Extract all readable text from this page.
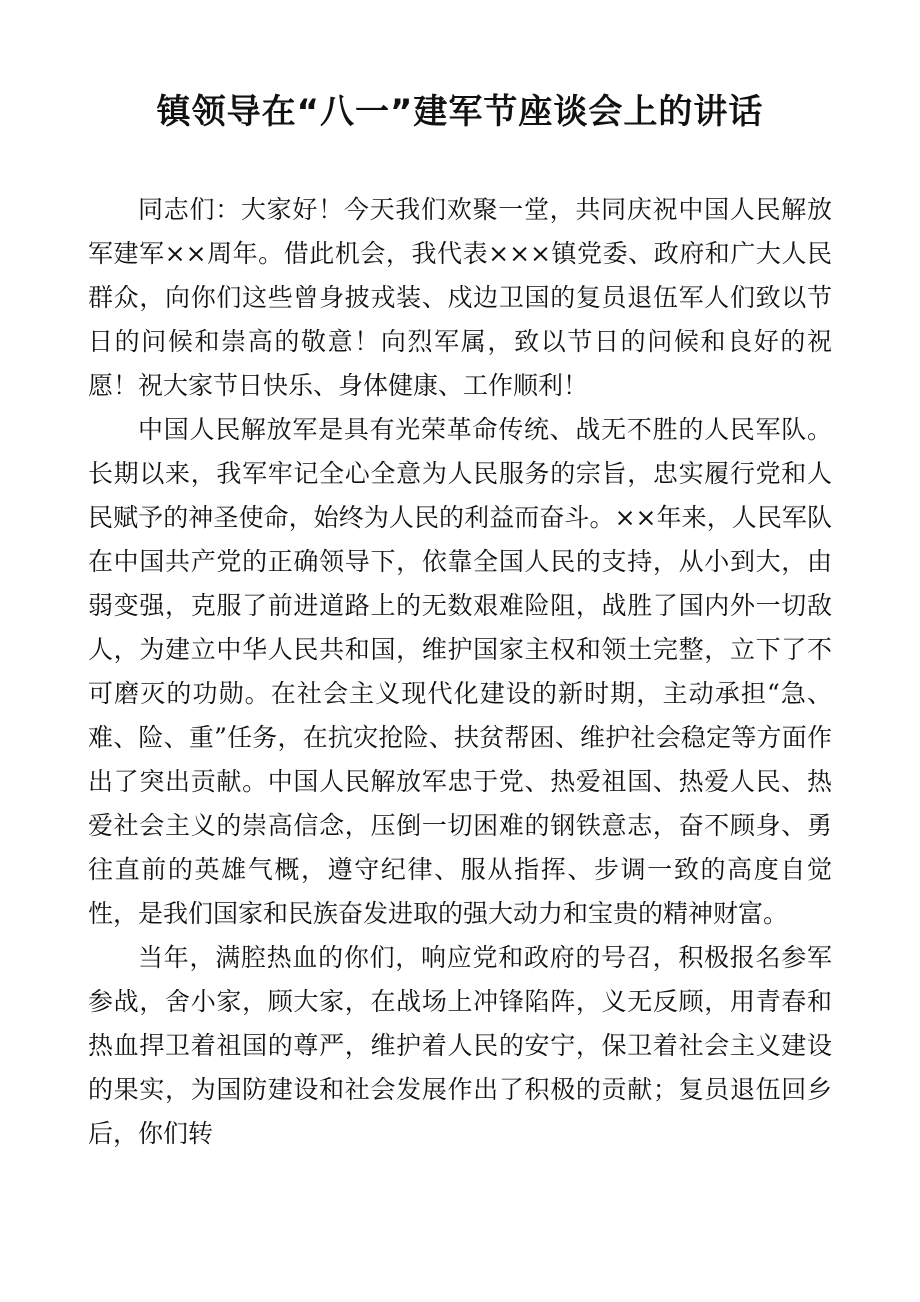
镇领导在“八一”建军节座谈会上的讲话

同志们：大家好！今天我们欢聚一堂，共同庆祝中国人民解放军建军××周年。借此机会，我代表×××镇党委、政府和广大人民群众，向你们这些曾身披戎装、戍边卫国的复员退伍军人们致以节日的问候和崇高的敬意！向烈军属，致以节日的问候和良好的祝愿！祝大家节日快乐、身体健康、工作顺利！

中国人民解放军是具有光荣革命传统、战无不胜的人民军队。长期以来，我军牢记全心全意为人民服务的宗旨，忠实履行党和人民赋予的神圣使命，始终为人民的利益而奋斗。××年来，人民军队在中国共产党的正确领导下，依靠全国人民的支持，从小到大，由弱变强，克服了前进道路上的无数艰难险阻，战胜了国内外一切敌人，为建立中华人民共和国，维护国家主权和领土完整，立下了不可磨灭的功勋。在社会主义现代化建设的新时期，主动承担“急、难、险、重”任务，在抗灾抢险、扶贫帮困、维护社会稳定等方面作出了突出贡献。中国人民解放军忠于党、热爱祖国、热爱人民、热爱社会主义的崇高信念，压倒一切困难的钢铁意志，奋不顾身、勇往直前的英雄气概，遵守纪律、服从指挥、步调一致的高度自觉性，是我们国家和民族奋发进取的强大动力和宝贵的精神财富。

当年，满腔热血的你们，响应党和政府的号召，积极报名参军参战，舍小家，顾大家，在战场上冲锋陷阵，义无反顾，用青春和热血捍卫着祖国的尊严，维护着人民的安宁，保卫着社会主义建设的果实，为国防建设和社会发展作出了积极的贡献；复员退伍回乡后，你们转
